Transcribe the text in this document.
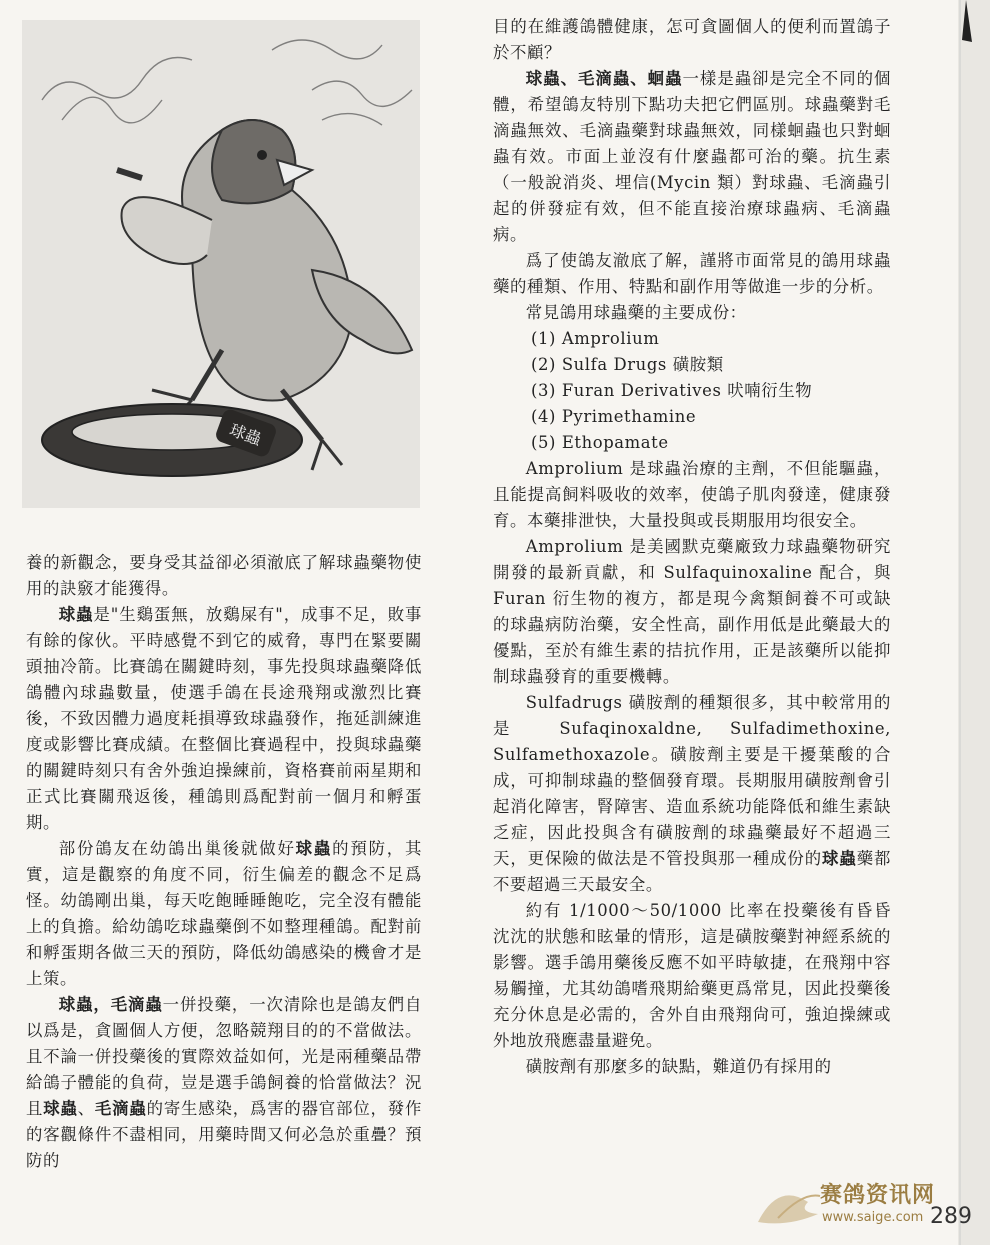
球蟲

養的新觀念，要身受其益卻必須澈底了解球蟲藥物使用的訣竅才能獲得。

球蟲是"生鷄蛋無，放鷄屎有"，成事不足，敗事有餘的傢伙。平時感覺不到它的威脅，專門在緊要關頭抽冷箭。比賽鴿在關鍵時刻，事先投與球蟲藥降低鴿體內球蟲數量，使選手鴿在長途飛翔或激烈比賽後，不致因體力過度耗損導致球蟲發作，拖延訓練進度或影響比賽成績。在整個比賽過程中，投與球蟲藥的關鍵時刻只有舍外強迫操練前，資格賽前兩星期和正式比賽關飛返後，種鴿則爲配對前一個月和孵蛋期。

部份鴿友在幼鴿出巢後就做好球蟲的預防，其實，這是觀察的角度不同，衍生偏差的觀念不足爲怪。幼鴿剛出巢，每天吃飽睡睡飽吃，完全沒有體能上的負擔。給幼鴿吃球蟲藥倒不如整理種鴿。配對前和孵蛋期各做三天的預防，降低幼鴿感染的機會才是上策。

球蟲，毛滴蟲一併投藥，一次清除也是鴿友們自以爲是，貪圖個人方便，忽略競翔目的的不當做法。且不論一併投藥後的實際效益如何，光是兩種藥品帶給鴿子體能的負荷，豈是選手鴿飼養的恰當做法？況且球蟲、毛滴蟲的寄生感染，爲害的器官部位，發作的客觀條件不盡相同，用藥時間又何必急於重疊？預防的

目的在維護鴿體健康，怎可貪圖個人的便利而置鴿子於不顧？

球蟲、毛滴蟲、蛔蟲一樣是蟲卻是完全不同的個體，希望鴿友特別下點功夫把它們區別。球蟲藥對毛滴蟲無效、毛滴蟲藥對球蟲無效，同樣蛔蟲也只對蛔蟲有效。市面上並沒有什麼蟲都可治的藥。抗生素（一般說消炎、埋信(Mycin 類）對球蟲、毛滴蟲引起的併發症有效，但不能直接治療球蟲病、毛滴蟲病。

爲了使鴿友澈底了解，謹將市面常見的鴿用球蟲藥的種類、作用、特點和副作用等做進一步的分析。

常見鴿用球蟲藥的主要成份：

(1) Amprolium

(2) Sulfa Drugs 磺胺類

(3) Furan Derivatives 吠喃衍生物

(4) Pyrimethamine

(5) Ethopamate

Amprolium 是球蟲治療的主劑，不但能驅蟲，且能提高飼料吸收的效率，使鴿子肌肉發達，健康發育。本藥排泄快，大量投與或長期服用均很安全。

Amprolium 是美國默克藥廠致力球蟲藥物研究開發的最新貢獻，和 Sulfaquinoxaline 配合，與 Furan 衍生物的複方，都是現今禽類飼養不可或缺的球蟲病防治藥，安全性高，副作用低是此藥最大的優點，至於有維生素的拮抗作用，正是該藥所以能抑制球蟲發育的重要機轉。

Sulfadrugs 磺胺劑的種類很多，其中較常用的是 Sufaqinoxaldne, Sulfadimethoxine, Sulfamethoxazole。磺胺劑主要是干擾葉酸的合成，可抑制球蟲的整個發育環。長期服用磺胺劑會引起消化障害，腎障害、造血系統功能降低和維生素缺乏症，因此投與含有磺胺劑的球蟲藥最好不超過三天，更保險的做法是不管投與那一種成份的球蟲藥都不要超過三天最安全。

約有 1/1000～50/1000 比率在投藥後有昏昏沈沈的狀態和眩暈的情形，這是磺胺藥對神經系統的影響。選手鴿用藥後反應不如平時敏捷，在飛翔中容易觸撞，尤其幼鴿嗜飛期給藥更爲常見，因此投藥後充分休息是必需的，舍外自由飛翔尙可，強迫操練或外地放飛應盡量避免。

磺胺劑有那麼多的缺點，難道仍有採用的

赛鸽资讯网
www.saige.com 289
